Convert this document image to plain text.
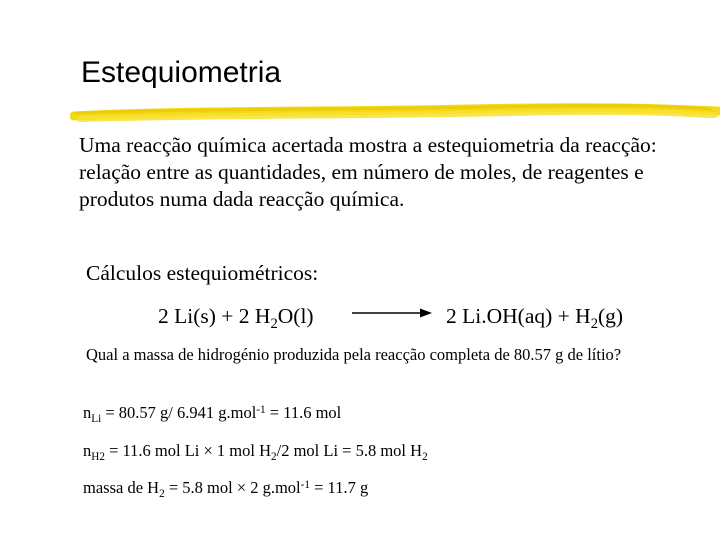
Estequiometria
Uma reacção química acertada mostra a estequiometria da reacção: relação entre as quantidades, em número de moles, de reagentes e produtos numa dada reacção química.
Cálculos estequiométricos:
2 Li(s) + 2 $H_2O(l)$	2 $Li.OH(aq) + H_2(g)$
Qual a massa de hidrogénio produzida pela reacção completa de 80.57 g de lítio?
$n_{Li} = 80.57$ g/ 6.941 g.mol$^{-1}$ = 11.6 mol
$n_{H2} = 11.6$ mol Li × 1 mol $H_2/2$ mol Li = 5.8 mol $H_2$
massa de $H_2 = 5.8$ mol × 2 g.mol$^{-1}$ = 11.7 g
